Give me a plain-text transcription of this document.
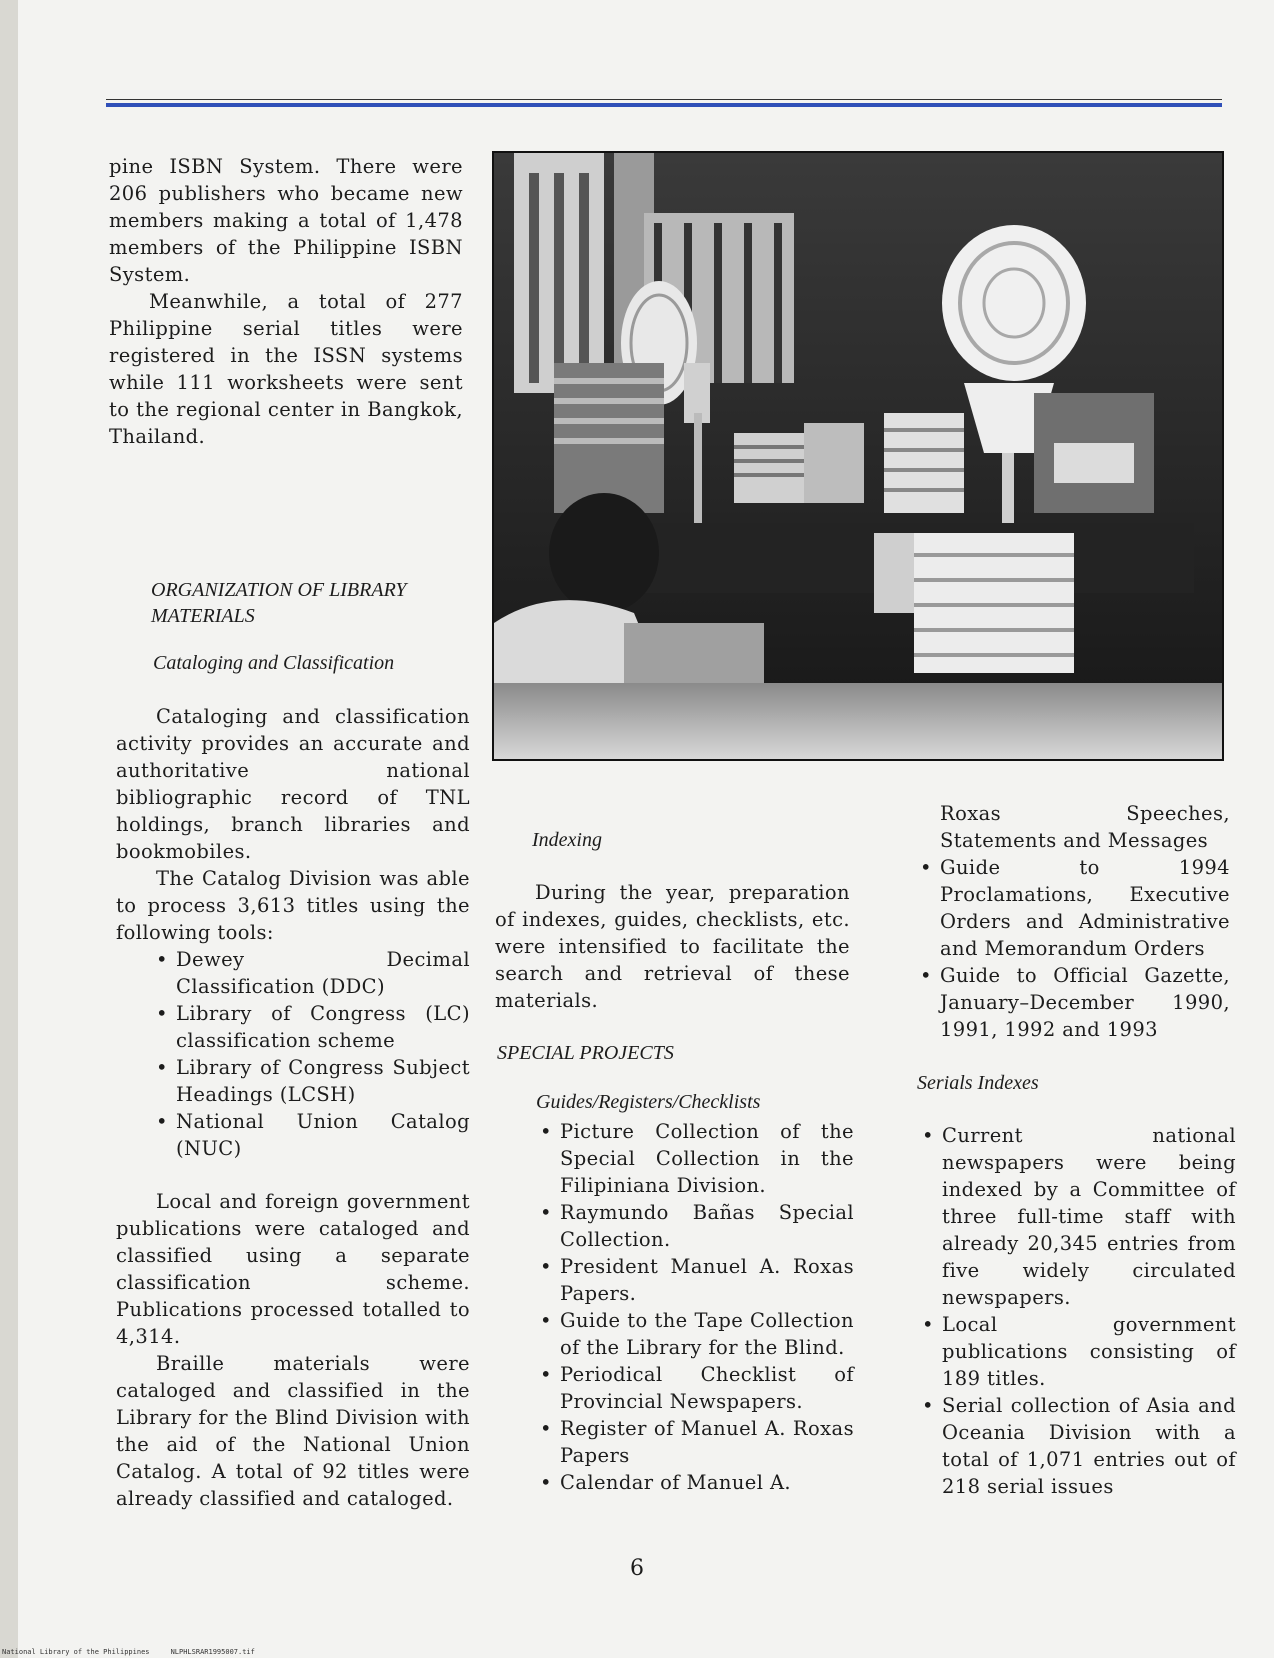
pine ISBN System. There were 206 publishers who became new members making a total of 1,478 members of the Philippine ISBN System.

Meanwhile, a total of 277 Philippine serial titles were registered in the ISSN systems while 111 worksheets were sent to the regional center in Bangkok, Thailand.

ORGANIZATION OF LIBRARY MATERIALS
Cataloging and Classification

Cataloging and classification activity provides an accurate and authoritative national bibliographic record of TNL holdings, branch libraries and bookmobiles.

The Catalog Division was able to process 3,613 titles using the following tools:

• Dewey Decimal Classification (DDC)
• Library of Congress (LC) classification scheme
• Library of Congress Subject Headings (LCSH)
• National Union Catalog (NUC)

Local and foreign government publications were cataloged and classified using a separate classification scheme. Publications processed totalled to 4,314.

Braille materials were cataloged and classified in the Library for the Blind Division with the aid of the National Union Catalog. A total of 92 titles were already classified and cataloged.

Indexing

During the year, preparation of indexes, guides, checklists, etc. were intensified to facilitate the search and retrieval of these materials.

SPECIAL PROJECTS
Guides/Registers/Checklists
• Picture Collection of the Special Collection in the Filipiniana Division.
• Raymundo Bañas Special Collection.
• President Manuel A. Roxas Papers.
• Guide to the Tape Collection of the Library for the Blind.
• Periodical Checklist of Provincial Newspapers.
• Register of Manuel A. Roxas Papers
• Calendar of Manuel A.

Roxas Speeches, Statements and Messages

• Guide to 1994 Proclamations, Executive Orders and Administrative and Memorandum Orders
• Guide to Official Gazette, January–December 1990, 1991, 1992 and 1993
Serials Indexes
• Current national newspapers were being indexed by a Committee of three full-time staff with already 20,345 entries from five widely circulated newspapers.
• Local government publications consisting of 189 titles.
• Serial collection of Asia and Oceania Division with a total of 1,071 entries out of 218 serial issues
6
National Library of the Philippines     NLPHLSRAR1995007.tif
